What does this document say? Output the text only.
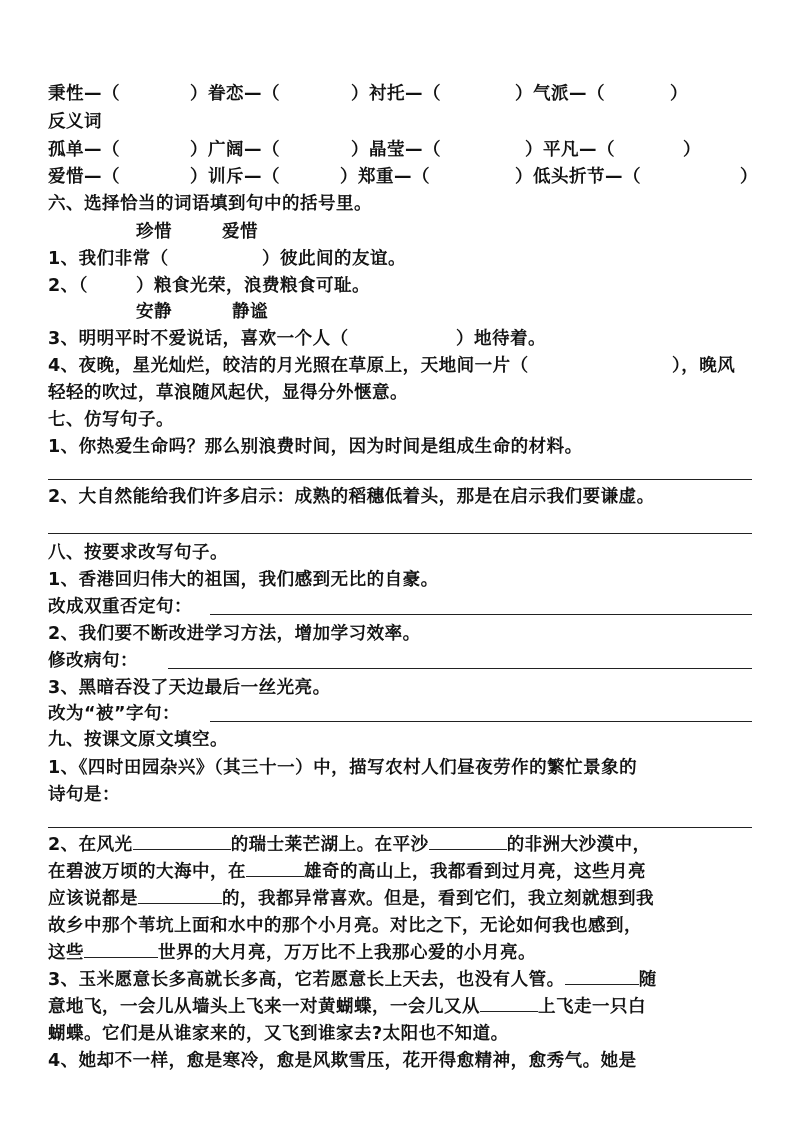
秉性—（	）眷恋—（	）衬托—（	）气派—（	）
反义词
孤单—（	）广阔—（	）晶莹—（	）平凡—（	）
爱惜—（	）训斥—（	）郑重—（	）低头折节—（	）
六、选择恰当的词语填到句中的括号里。
珍惜	爱惜
1、我们非常（	）彼此间的友谊。
2、（	）粮食光荣，浪费粮食可耻。
安静	静谧
3、明明平时不爱说话，喜欢一个人（	）地待着。
4、夜晚，星光灿烂，皎洁的月光照在草原上，天地间一片（	），晚风
轻轻的吹过，草浪随风起伏，显得分外惬意。
七、仿写句子。
1、你热爱生命吗？那么别浪费时间，因为时间是组成生命的材料。
2、大自然能给我们许多启示：成熟的稻穗低着头，那是在启示我们要谦虚。
八、按要求改写句子。
1、香港回归伟大的祖国，我们感到无比的自豪。
改成双重否定句：
2、我们要不断改进学习方法，增加学习效率。
修改病句：
3、黑暗吞没了天边最后一丝光亮。
改为“被”字句：
九、按课文原文填空。
1、《四时田园杂兴》（其三十一）中，描写农村人们昼夜劳作的繁忙景象的
诗句是：
2、在风光	的瑞士莱芒湖上。在平沙	的非洲大沙漠中，
在碧波万顷的大海中，在	雄奇的高山上，我都看到过月亮，这些月亮
应该说都是	的，我都异常喜欢。但是，看到它们，我立刻就想到我
故乡中那个苇坑上面和水中的那个小月亮。对比之下，无论如何我也感到，
这些	世界的大月亮，万万比不上我那心爱的小月亮。
3、玉米愿意长多高就长多高，它若愿意长上天去，也没有人管。	随
意地飞，一会儿从墙头上飞来一对黄蝴蝶，一会儿又从	上飞走一只白
蝴蝶。它们是从谁家来的，又飞到谁家去?太阳也不知道。
4、她却不一样，愈是寒冷，愈是风欺雪压，花开得愈精神，愈秀气。她是
